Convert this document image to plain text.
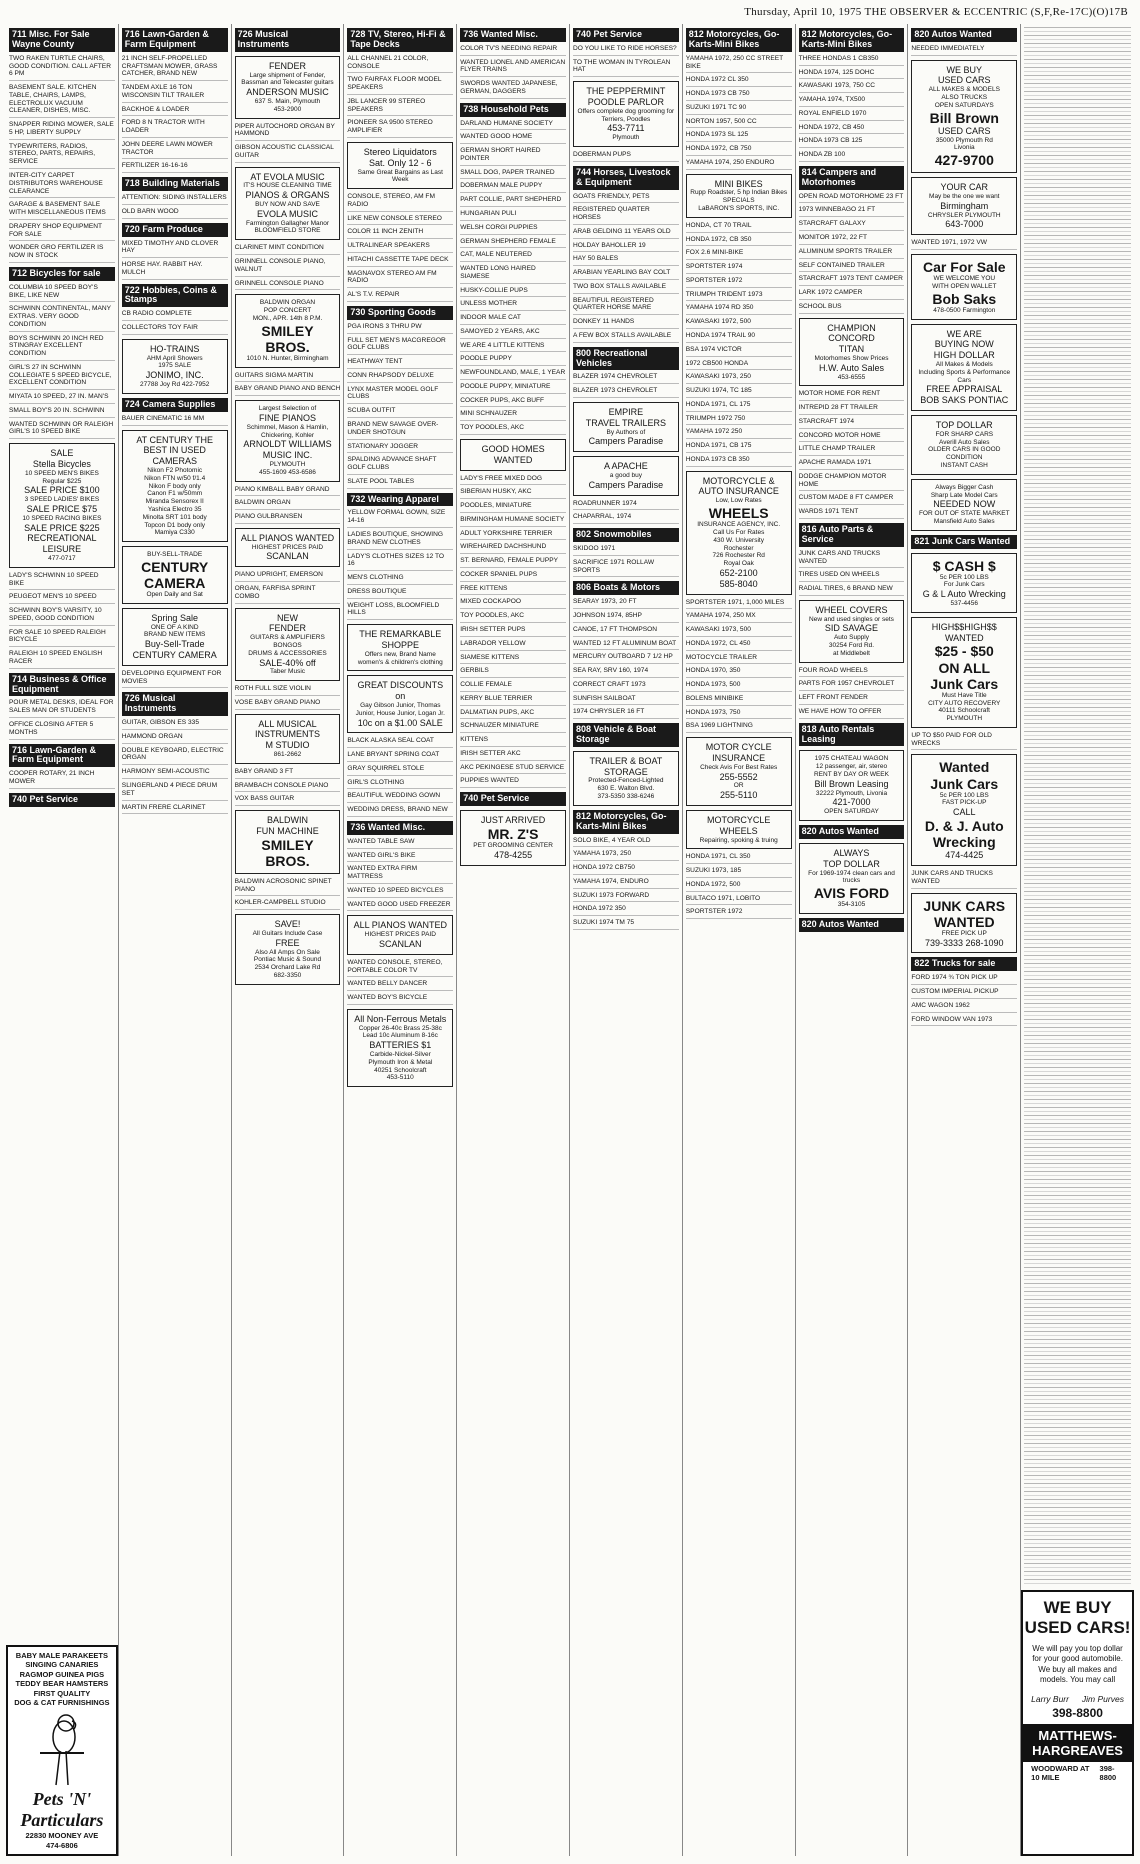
Thursday, April 10, 1975 THE OBSERVER & ECCENTRIC (S,F,Re-17C)(O)17B
711 Misc. For Sale Wayne County
TWO RAKEN TURTLE CHAIRS, GOOD CONDITION. CALL AFTER 6 PM
BASEMENT SALE. KITCHEN TABLE, CHAIRS, LAMPS, ELECTROLUX VACUUM CLEANER, DISHES, MISC.
SNAPPER RIDING MOWER, SALE 5 HP, LIBERTY SUPPLY
TYPEWRITERS, RADIOS, STEREO, PARTS, REPAIRS, SERVICE
INTER-CITY CARPET DISTRIBUTORS WAREHOUSE CLEARANCE
GARAGE & BASEMENT SALE WITH MISCELLANEOUS ITEMS
DRAPERY SHOP EQUIPMENT FOR SALE
WONDER GRO FERTILIZER IS NOW IN STOCK
712 Bicycles for sale
COLUMBIA 10 SPEED BOY'S BIKE, LIKE NEW
SCHWINN CONTINENTAL, MANY EXTRAS. VERY GOOD CONDITION
BOYS SCHWINN 20 INCH RED STINGRAY EXCELLENT CONDITION
GIRL'S 27 IN SCHWINN COLLEGIATE 5 SPEED BICYCLE, EXCELLENT CONDITION
MIYATA 10 SPEED, 27 IN. MAN'S
SMALL BOY'S 20 IN. SCHWINN
WANTED SCHWINN OR RALEIGH GIRL'S 10 SPEED BIKE
SALE
Stella Bicycles
10 SPEED MEN'S BIKES
Regular $225
SALE PRICE $100
3 SPEED LADIES' BIKES
SALE PRICE $75
10 SPEED RACING BIKES
SALE PRICE $225
RECREATIONAL LEISURE
477-0717
LADY'S SCHWINN 10 SPEED BIKE
PEUGEOT MEN'S 10 SPEED
SCHWINN BOY'S VARSITY, 10 SPEED, GOOD CONDITION
FOR SALE 10 SPEED RALEIGH BICYCLE
RALEIGH 10 SPEED ENGLISH RACER
714 Business & Office Equipment
POUR METAL DESKS, IDEAL FOR SALES MAN OR STUDENTS
OFFICE CLOSING AFTER 5 MONTHS
716 Lawn-Garden & Farm Equipment
COOPER ROTARY, 21 INCH MOWER
740 Pet Service
BABY MALE PARAKEETS
SINGING CANARIES
RAGMOP GUINEA PIGS
TEDDY BEAR HAMSTERS
FIRST QUALITY
DOG & CAT FURNISHINGS
Pets 'N' Particulars
22830 MOONEY AVE
474-6806
716 Lawn-Garden & Farm Equipment
21 INCH SELF-PROPELLED CRAFTSMAN MOWER, GRASS CATCHER, BRAND NEW
TANDEM AXLE 16 TON WISCONSIN TILT TRAILER
BACKHOE & LOADER
FORD 8 N TRACTOR WITH LOADER
JOHN DEERE LAWN MOWER TRACTOR
FERTILIZER 16-16-16
718 Building Materials
ATTENTION: SIDING INSTALLERS
OLD BARN WOOD
720 Farm Produce
MIXED TIMOTHY AND CLOVER HAY
HORSE HAY. RABBIT HAY. MULCH
722 Hobbies, Coins & Stamps
CB RADIO COMPLETE
COLLECTORS TOY FAIR
HO-TRAINS
AHM April Showers
1975 SALE
JONIMO, INC.
27788 Joy Rd 422-7952
724 Camera Supplies
BAUER CINEMATIC 16 MM
AT CENTURY THE BEST IN USED CAMERAS
Nikon F2 Photomic
Nikon FTN w/50 f/1.4
Nikon F body only
Canon F1 w/50mm
Miranda Sensorex II
Yashica Electro 35
Minolta SRT 101 body
Topcon D1 body only
Mamiya C330
BUY-SELL-TRADE
CENTURY
CAMERA
Open Daily and Sat
Spring Sale
ONE OF A KIND
BRAND NEW ITEMS
Buy-Sell-Trade
CENTURY CAMERA
DEVELOPING EQUIPMENT FOR MOVIES
726 Musical Instruments
GUITAR, GIBSON ES 335
HAMMOND ORGAN
DOUBLE KEYBOARD, ELECTRIC ORGAN
HARMONY SEMI-ACOUSTIC
SLINGERLAND 4 PIECE DRUM SET
MARTIN FRERE CLARINET
726 Musical Instruments
FENDER
Large shipment of Fender, Bassman and Telecaster guitars
ANDERSON MUSIC
637 S. Main, Plymouth
453-2900
PIPER AUTOCHORD ORGAN BY HAMMOND
GIBSON ACOUSTIC CLASSICAL GUITAR
AT EVOLA MUSIC
IT'S HOUSE CLEANING TIME
PIANOS & ORGANS
BUY NOW AND SAVE
EVOLA MUSIC
Farmington Gallagher Manor
BLOOMFIELD STORE
CLARINET MINT CONDITION
GRINNELL CONSOLE PIANO, WALNUT
GRINNELL CONSOLE PIANO
BALDWIN ORGAN
POP CONCERT
MON., APR. 14th 8 P.M.
SMILEY BROS.
1010 N. Hunter, Birmingham
GUITARS SIGMA MARTIN
BABY GRAND PIANO AND BENCH
Largest Selection of
FINE PIANOS
Schimmel, Mason & Hamlin, Chickering, Kohler
ARNOLDT WILLIAMS MUSIC INC.
PLYMOUTH
455-1609 453-6586
PIANO KIMBALL BABY GRAND
BALDWIN ORGAN
PIANO GULBRANSEN
ALL PIANOS WANTED
HIGHEST PRICES PAID
SCANLAN
PIANO UPRIGHT, EMERSON
ORGAN, FARFISA SPRINT COMBO
NEW
FENDER
GUITARS & AMPLIFIERS
BONGOS
DRUMS & ACCESSORIES
SALE-40% off
Taber Music
ROTH FULL SIZE VIOLIN
VOSE BABY GRAND PIANO
ALL MUSICAL INSTRUMENTS
M STUDIO
861-2662
BABY GRAND 3 FT
BRAMBACH CONSOLE PIANO
VOX BASS GUITAR
BALDWIN
FUN MACHINE
SMILEY BROS.
BALDWIN ACROSONIC SPINET PIANO
KOHLER-CAMPBELL STUDIO
SAVE!
All Guitars Include Case
FREE
Also All Amps On Sale
Pontiac Music & Sound
2534 Orchard Lake Rd
682-3350
728 TV, Stereo, Hi-Fi & Tape Decks
ALL CHANNEL 21 COLOR, CONSOLE
TWO FAIRFAX FLOOR MODEL SPEAKERS
JBL LANCER 99 STEREO SPEAKERS
PIONEER SA 9500 STEREO AMPLIFIER
Stereo Liquidators
Sat. Only 12 - 6
Same Great Bargains as Last Week
CONSOLE, STEREO, AM FM RADIO
LIKE NEW CONSOLE STEREO
COLOR 11 INCH ZENITH
ULTRALINEAR SPEAKERS
HITACHI CASSETTE TAPE DECK
MAGNAVOX STEREO AM FM RADIO
AL'S T.V. REPAIR
730 Sporting Goods
PGA IRONS 3 THRU PW
FULL SET MEN'S MACGREGOR GOLF CLUBS
HEATHWAY TENT
CONN RHAPSODY DELUXE
LYNX MASTER MODEL GOLF CLUBS
SCUBA OUTFIT
BRAND NEW SAVAGE OVER-UNDER SHOTGUN
STATIONARY JOGGER
SPALDING ADVANCE SHAFT GOLF CLUBS
SLATE POOL TABLES
732 Wearing Apparel
YELLOW FORMAL GOWN, SIZE 14-16
LADIES BOUTIQUE, SHOWING BRAND NEW CLOTHES
LADY'S CLOTHES SIZES 12 TO 16
MEN'S CLOTHING
DRESS BOUTIQUE
WEIGHT LOSS, BLOOMFIELD HILLS
THE REMARKABLE SHOPPE
Offers new, Brand Name women's & children's clothing
GREAT DISCOUNTS on
Gay Gibson Junior, Thomas Junior, House Junior, Logan Jr.
10c on a $1.00 SALE
BLACK ALASKA SEAL COAT
LANE BRYANT SPRING COAT
GRAY SQUIRREL STOLE
GIRL'S CLOTHING
BEAUTIFUL WEDDING GOWN
WEDDING DRESS, BRAND NEW
736 Wanted Misc.
WANTED TABLE SAW
WANTED GIRL'S BIKE
WANTED EXTRA FIRM MATTRESS
WANTED 10 SPEED BICYCLES
WANTED GOOD USED FREEZER
ALL PIANOS WANTED
HIGHEST PRICES PAID
SCANLAN
WANTED CONSOLE, STEREO, PORTABLE COLOR TV
WANTED BELLY DANCER
WANTED BOY'S BICYCLE
All Non-Ferrous Metals
Copper 26-40c Brass 25-38c
Lead 10c Aluminum 8-16c
BATTERIES $1
Carbide-Nickel-Silver
Plymouth Iron & Metal
40251 Schoolcraft
453-5110
736 Wanted Misc.
COLOR TV'S NEEDING REPAIR
WANTED LIONEL AND AMERICAN FLYER TRAINS
SWORDS WANTED JAPANESE, GERMAN, DAGGERS
738 Household Pets
DARLAND HUMANE SOCIETY
WANTED GOOD HOME
GERMAN SHORT HAIRED POINTER
SMALL DOG, PAPER TRAINED
DOBERMAN MALE PUPPY
PART COLLIE, PART SHEPHERD
HUNGARIAN PULI
WELSH CORGI PUPPIES
GERMAN SHEPHERD FEMALE
CAT, MALE NEUTERED
WANTED LONG HAIRED SIAMESE
HUSKY-COLLIE PUPS
UNLESS MOTHER
INDOOR MALE CAT
SAMOYED 2 YEARS, AKC
WE ARE 4 LITTLE KITTENS
POODLE PUPPY
NEWFOUNDLAND, MALE, 1 YEAR
POODLE PUPPY, MINIATURE
COCKER PUPS, AKC BUFF
MINI SCHNAUZER
TOY POODLES, AKC
GOOD HOMES WANTED
LADY'S FREE MIXED DOG
SIBERIAN HUSKY, AKC
POODLES, MINIATURE
BIRMINGHAM HUMANE SOCIETY
ADULT YORKSHIRE TERRIER
WIREHAIRED DACHSHUND
ST. BERNARD, FEMALE PUPPY
COCKER SPANIEL PUPS
FREE KITTENS
MIXED COCKAPOO
TOY POODLES, AKC
IRISH SETTER PUPS
LABRADOR YELLOW
SIAMESE KITTENS
GERBILS
COLLIE FEMALE
KERRY BLUE TERRIER
DALMATIAN PUPS, AKC
SCHNAUZER MINIATURE
KITTENS
IRISH SETTER AKC
AKC PEKINGESE STUD SERVICE
PUPPIES WANTED
740 Pet Service
JUST ARRIVED
MR. Z'S
PET GROOMING CENTER
478-4255
740 Pet Service
DO YOU LIKE TO RIDE HORSES?
TO THE WOMAN IN TYROLEAN HAT
THE PEPPERMINT POODLE PARLOR
Offers complete dog grooming for Terriers, Poodles
453-7711
Plymouth
DOBERMAN PUPS
744 Horses, Livestock & Equipment
GOATS FRIENDLY, PETS
REGISTERED QUARTER HORSES
ARAB GELDING 11 YEARS OLD
HOLDAY BAHOLLER 19
HAY 50 BALES
ARABIAN YEARLING BAY COLT
TWO BOX STALLS AVAILABLE
BEAUTIFUL REGISTERED QUARTER HORSE MARE
DONKEY 11 HANDS
A FEW BOX STALLS AVAILABLE
800 Recreational Vehicles
BLAZER 1974 CHEVROLET
BLAZER 1973 CHEVROLET
EMPIRE
TRAVEL TRAILERS
By Authors of
Campers Paradise
A APACHE
a good buy
Campers Paradise
ROADRUNNER 1974
CHAPARRAL, 1974
802 Snowmobiles
SKIDOO 1971
SACRIFICE 1971 ROLLAW SPORTS
806 Boats & Motors
SEARAY 1973, 20 FT
JOHNSON 1974, 85HP
CANOE, 17 FT THOMPSON
WANTED 12 FT ALUMINUM BOAT
MERCURY OUTBOARD 7 1/2 HP
SEA RAY, SRV 160, 1974
CORRECT CRAFT 1973
SUNFISH SAILBOAT
1974 CHRYSLER 16 FT
808 Vehicle & Boat Storage
TRAILER & BOAT STORAGE
Protected-Fenced-Lighted
630 E. Walton Blvd.
373-5350 338-6246
812 Motorcycles, Go-Karts-Mini Bikes
SOLO BIKE, 4 YEAR OLD
YAMAHA 1973, 250
HONDA 1972 CB750
YAMAHA 1974, ENDURO
SUZUKI 1973 FORWARD
HONDA 1972 350
SUZUKI 1974 TM 75
812 Motorcycles, Go-Karts-Mini Bikes
YAMAHA 1972, 250 CC STREET BIKE
HONDA 1972 CL 350
HONDA 1973 CB 750
SUZUKI 1971 TC 90
NORTON 1957, 500 CC
HONDA 1973 SL 125
HONDA 1972, CB 750
YAMAHA 1974, 250 ENDURO
MINI BIKES
Rupp Roadster, 5 hp Indian Bikes
SPECIALS
LaBARON'S SPORTS, INC.
HONDA, CT 70 TRAIL
HONDA 1972, CB 350
FOX 2.6 MINI-BIKE
SPORTSTER 1974
SPORTSTER 1972
TRIUMPH TRIDENT 1973
YAMAHA 1974 RD 350
KAWASAKI 1972, 500
HONDA 1974 TRAIL 90
BSA 1974 VICTOR
1972 CB500 HONDA
KAWASAKI 1973, 250
SUZUKI 1974, TC 185
HONDA 1971, CL 175
TRIUMPH 1972 750
YAMAHA 1972 250
HONDA 1971, CB 175
HONDA 1973 CB 350
MOTORCYCLE & AUTO INSURANCE
Low, Low Rates
WHEELS
INSURANCE AGENCY, INC.
Call Us For Rates
430 W. University
Rochester
726 Rochester Rd
Royal Oak
652-2100
585-8040
SPORTSTER 1971, 1,000 MILES
YAMAHA 1974, 250 MX
KAWASAKI 1973, 500
HONDA 1972, CL 450
MOTOCYCLE TRAILER
HONDA 1970, 350
HONDA 1973, 500
BOLENS MINIBIKE
HONDA 1973, 750
BSA 1969 LIGHTNING
MOTOR CYCLE INSURANCE
Check Avis For Best Rates
255-5552
OR
255-5110
MOTORCYCLE WHEELS
Repairing, spoking & truing
HONDA 1971, CL 350
SUZUKI 1973, 185
HONDA 1972, 500
BULTACO 1971, LOBITO
SPORTSTER 1972
812 Motorcycles, Go-Karts-Mini Bikes
THREE HONDAS 1 CB350
HONDA 1974, 125 DOHC
KAWASAKI 1973, 750 CC
YAMAHA 1974, TX500
ROYAL ENFIELD 1970
HONDA 1972, CB 450
HONDA 1973 CB 125
HONDA ZB 100
814 Campers and Motorhomes
OPEN ROAD MOTORHOME 23 FT
1973 WINNEBAGO 21 FT
STARCRAFT GALAXY
MONITOR 1972, 22 FT
ALUMINUM SPORTS TRAILER
SELF CONTAINED TRAILER
STARCRAFT 1973 TENT CAMPER
LARK 1972 CAMPER
SCHOOL BUS
CHAMPION
CONCORD
TITAN
Motorhomes Show Prices
H.W. Auto Sales
453-6555
MOTOR HOME FOR RENT
INTREPID 28 FT TRAILER
STARCRAFT 1974
CONCORD MOTOR HOME
LITTLE CHAMP TRAILER
APACHE RAMADA 1971
DODGE CHAMPION MOTOR HOME
CUSTOM MADE 8 FT CAMPER
WARDS 1971 TENT
816 Auto Parts & Service
JUNK CARS AND TRUCKS WANTED
TIRES USED ON WHEELS
RADIAL TIRES, 6 BRAND NEW
WHEEL COVERS
New and used singles or sets
SID SAVAGE
Auto Supply
30254 Ford Rd.
at Middlebelt
FOUR ROAD WHEELS
PARTS FOR 1957 CHEVROLET
LEFT FRONT FENDER
WE HAVE HOW TO OFFER
818 Auto Rentals Leasing
1975 CHATEAU WAGON
12 passenger, air, stereo
RENT BY DAY OR WEEK
Bill Brown Leasing
32222 Plymouth, Livonia
421-7000
OPEN SATURDAY
820 Autos Wanted
ALWAYS
TOP DOLLAR
For 1969-1974 clean cars and trucks
AVIS FORD
354-3105
820 Autos Wanted
820 Autos Wanted
NEEDED IMMEDIATELY
WE BUY
USED CARS
ALL MAKES & MODELS
ALSO TRUCKS
OPEN SATURDAYS
Bill Brown
USED CARS
35000 Plymouth Rd
Livonia
427-9700
YOUR CAR
May be the one we want
Birmingham
CHRYSLER PLYMOUTH
643-7000
WANTED 1971, 1972 VW
Car For Sale
WE WELCOME YOU
WITH OPEN WALLET
Bob Saks
478-0500 Farmington
WE ARE
BUYING NOW
HIGH DOLLAR
All Makes & Models
Including Sports & Performance Cars
FREE APPRAISAL
BOB SAKS PONTIAC
TOP DOLLAR
FOR SHARP CARS
Averill Auto Sales
OLDER CARS IN GOOD CONDITION
INSTANT CASH
Always Bigger Cash
Sharp Late Model Cars
NEEDED NOW
FOR OUT OF STATE MARKET
Mansfield Auto Sales
821 Junk Cars Wanted
$ CASH $
5c PER 100 LBS
For Junk Cars
G & L Auto Wrecking
537-4456
HIGH$$HIGH$$
WANTED
$25 - $50
ON ALL
Junk Cars
Must Have Title
CITY AUTO RECOVERY
40111 Schoolcraft
PLYMOUTH
UP TO $50 PAID FOR OLD WRECKS
Wanted
Junk Cars
5c PER 100 LBS
FAST PICK-UP
CALL
D. & J. Auto
Wrecking
474-4425
JUNK CARS AND TRUCKS WANTED
JUNK CARS
WANTED
FREE PICK UP
739-3333 268-1090
822 Trucks for sale
FORD 1974 ¾ TON PICK UP
CUSTOM IMPERIAL PICKUP
AMC WAGON 1962
FORD WINDOW VAN 1973
WE BUY USED CARS!
We will pay you top dollar for your good automobile. We buy all makes and models. You may call
Larry Burr Jim Purves
398-8800
MATTHEWS-HARGREAVES
WOODWARD AT 10 MILE
398-8800
